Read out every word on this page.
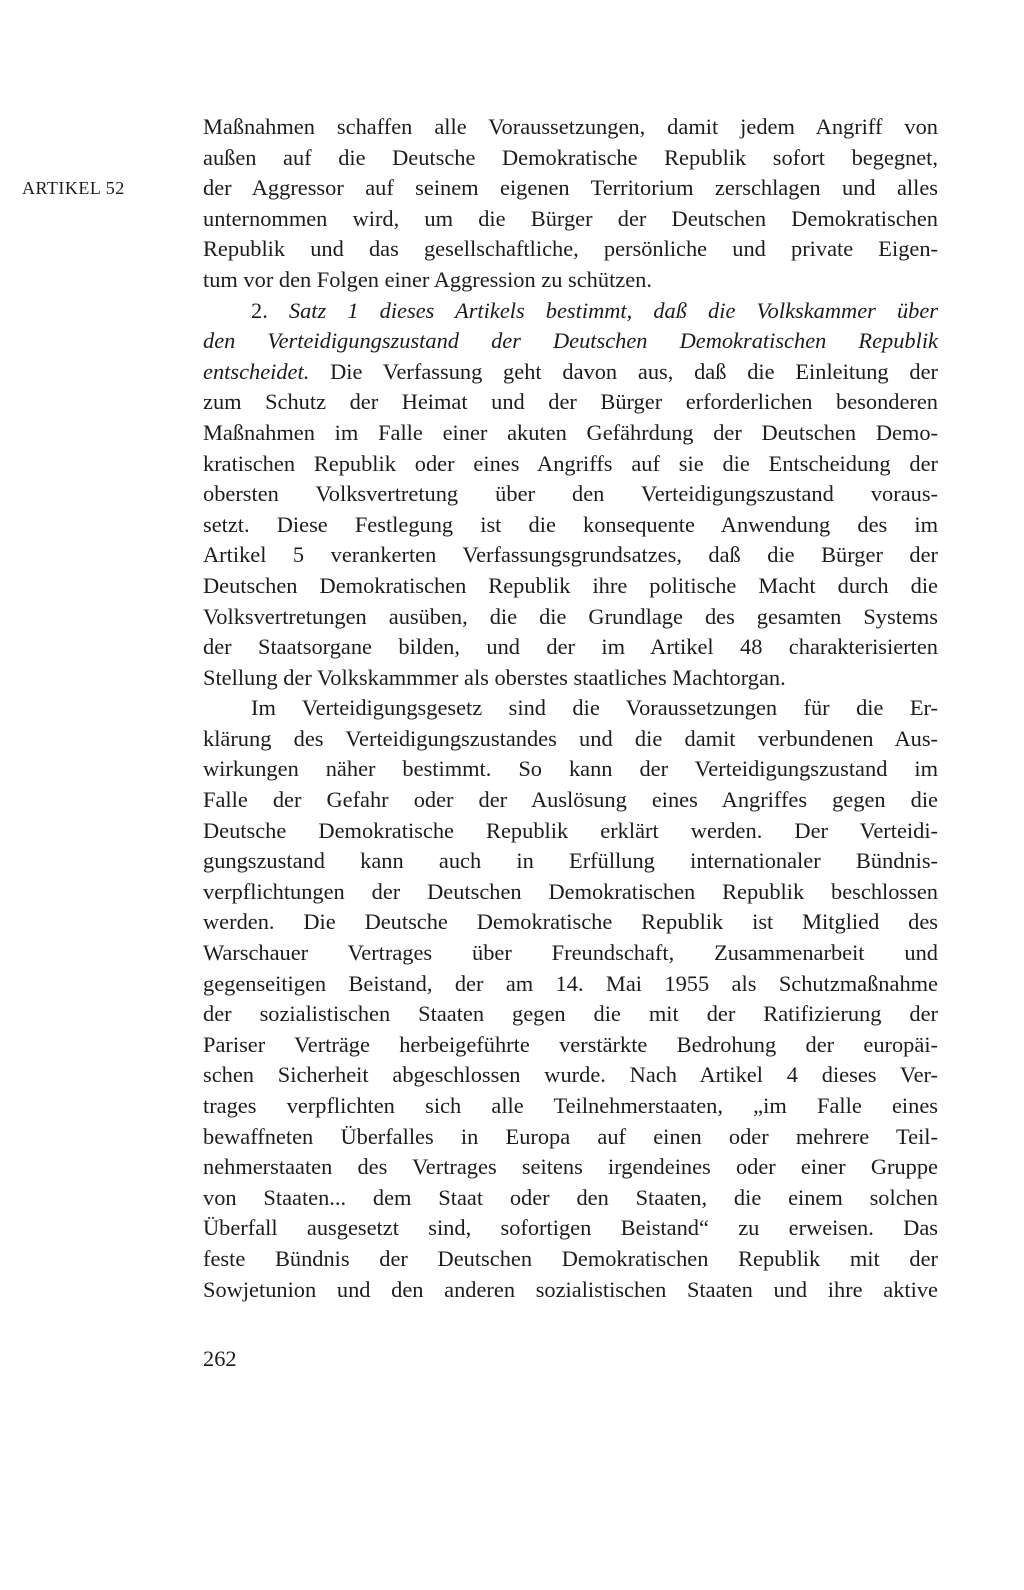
ARTIKEL 52
Maßnahmen schaffen alle Voraussetzungen, damit jedem Angriff von
außen auf die Deutsche Demokratische Republik sofort begegnet,
der Aggressor auf seinem eigenen Territorium zerschlagen und alles
unternommen wird, um die Bürger der Deutschen Demokratischen
Republik und das gesellschaftliche, persönliche und private Eigen-
tum vor den Folgen einer Aggression zu schützen.
2. Satz 1 dieses Artikels bestimmt, daß die Volkskammer über
den Verteidigungszustand der Deutschen Demokratischen Republik
entscheidet. Die Verfassung geht davon aus, daß die Einleitung der
zum Schutz der Heimat und der Bürger erforderlichen besonderen
Maßnahmen im Falle einer akuten Gefährdung der Deutschen Demo-
kratischen Republik oder eines Angriffs auf sie die Entscheidung der
obersten Volksvertretung über den Verteidigungszustand voraus-
setzt. Diese Festlegung ist die konsequente Anwendung des im
Artikel 5 verankerten Verfassungsgrundsatzes, daß die Bürger der
Deutschen Demokratischen Republik ihre politische Macht durch die
Volksvertretungen ausüben, die die Grundlage des gesamten Systems
der Staatsorgane bilden, und der im Artikel 48 charakterisierten
Stellung der Volkskammmer als oberstes staatliches Machtorgan.
Im Verteidigungsgesetz sind die Voraussetzungen für die Er-
klärung des Verteidigungszustandes und die damit verbundenen Aus-
wirkungen näher bestimmt. So kann der Verteidigungszustand im
Falle der Gefahr oder der Auslösung eines Angriffes gegen die
Deutsche Demokratische Republik erklärt werden. Der Verteidi-
gungszustand kann auch in Erfüllung internationaler Bündnis-
verpflichtungen der Deutschen Demokratischen Republik beschlossen
werden. Die Deutsche Demokratische Republik ist Mitglied des
Warschauer Vertrages über Freundschaft, Zusammenarbeit und
gegenseitigen Beistand, der am 14. Mai 1955 als Schutzmaßnahme
der sozialistischen Staaten gegen die mit der Ratifizierung der
Pariser Verträge herbeigeführte verstärkte Bedrohung der europäi-
schen Sicherheit abgeschlossen wurde. Nach Artikel 4 dieses Ver-
trages verpflichten sich alle Teilnehmerstaaten, „im Falle eines
bewaffneten Überfalles in Europa auf einen oder mehrere Teil-
nehmerstaaten des Vertrages seitens irgendeines oder einer Gruppe
von Staaten... dem Staat oder den Staaten, die einem solchen
Überfall ausgesetzt sind, sofortigen Beistand“ zu erweisen. Das
feste Bündnis der Deutschen Demokratischen Republik mit der
Sowjetunion und den anderen sozialistischen Staaten und ihre aktive
262
